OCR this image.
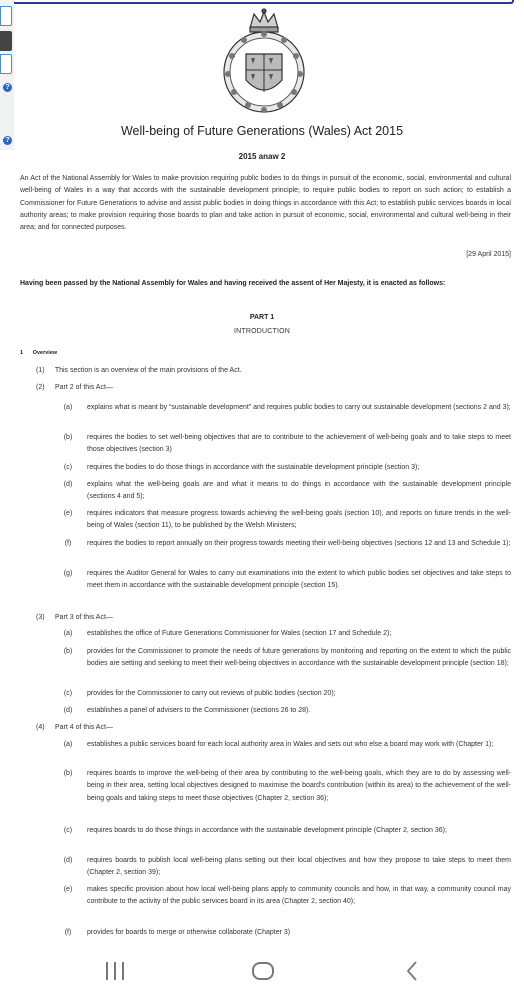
?
?
Well-being of Future Generations (Wales) Act 2015
2015 anaw 2
An Act of the National Assembly for Wales to make provision requiring public bodies to do things in pursuit of the economic, social, environmental and cultural well-being of Wales in a way that accords with the sustainable development principle; to require public bodies to report on such action; to establish a Commissioner for Future Generations to advise and assist public bodies in doing things in accordance with this Act; to establish public services boards in local authority areas; to make provision requiring those boards to plan and take action in pursuit of economic, social, environmental and cultural well-being in their area; and for connected purposes.
[29 April 2015]
Having been passed by the National Assembly for Wales and having received the assent of Her Majesty, it is enacted as follows:
PART 1
INTRODUCTION
1 Overview
(1) This section is an overview of the main provisions of the Act.
(2) Part 2 of this Act—
(a)	explains what is meant by “sustainable development” and requires public bodies to carry out sustainable development (sections 2 and 3);
(b)	requires the bodies to set well-being objectives that are to contribute to the achievement of well-being goals and to take steps to meet those objectives (section 3)
(c)	requires the bodies to do those things in accordance with the sustainable development principle (section 3);
(d)	explains what the well-being goals are and what it means to do things in accordance with the sustainable development principle (sections 4 and 5);
(e)	requires indicators that measure progress towards achieving the well-being goals (section 10), and reports on future trends in the well-being of Wales (section 11), to be published by the Welsh Ministers;
(f)	requires the bodies to report annually on their progress towards meeting their well-being objectives (sections 12 and 13 and Schedule 1);
(g)	requires the Auditor General for Wales to carry out examinations into the extent to which public bodies set objectives and take steps to meet them in accordance with the sustainable development principle (section 15).
(3) Part 3 of this Act—
(a)	establishes the office of Future Generations Commissioner for Wales (section 17 and Schedule 2);
(b)	provides for the Commissioner to promote the needs of future generations by monitoring and reporting on the extent to which the public bodies are setting and seeking to meet their well-being objectives in accordance with the sustainable development principle (section 18);
(c)	provides for the Commissioner to carry out reviews of public bodies (section 20);
(d)	establishes a panel of advisers to the Commissioner (sections 26 to 28).
(4) Part 4 of this Act—
(a)	establishes a public services board for each local authority area in Wales and sets out who else a board may work with (Chapter 1);
(b)	requires boards to improve the well-being of their area by contributing to the well-being goals, which they are to do by assessing well-being in their area, setting local objectives designed to maximise the board's contribution (within its area) to the achievement of the well-being goals and taking steps to meet those objectives (Chapter 2, section 36);
(c)	requires boards to do those things in accordance with the sustainable development principle (Chapter 2, section 36);
(d)	requires boards to publish local well-being plans setting out their local objectives and how they propose to take steps to meet them (Chapter 2, section 39);
(e)	makes specific provision about how local well-being plans apply to community councils and how, in that way, a community council may contribute to the activity of the public services board in its area (Chapter 2, section 40);
(f)	provides for boards to merge or otherwise collaborate (Chapter 3)
